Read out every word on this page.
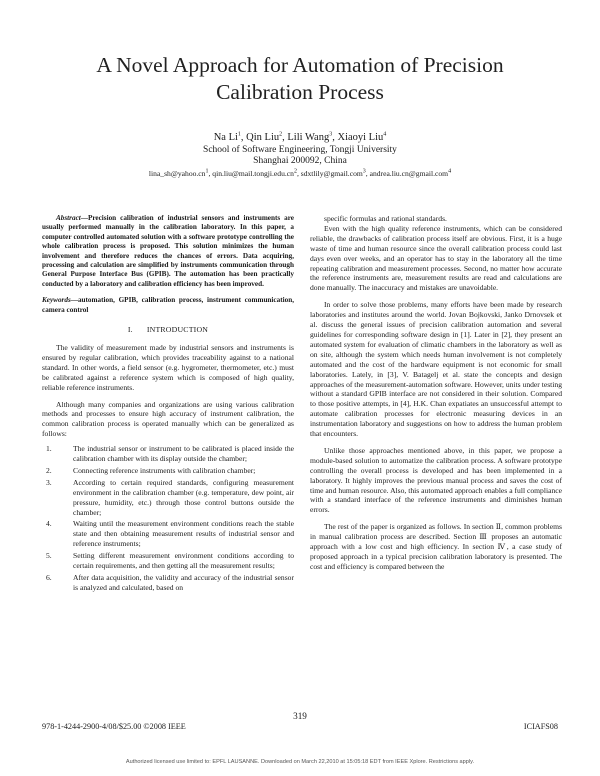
A Novel Approach for Automation of Precision
Calibration Process
Na Li$^1$, Qin Liu$^2$, Lili Wang$^3$, Xiaoyi Liu$^4$
School of Software Engineering, Tongji University
Shanghai 200092, China
$lina\_sh@yahoo.cn^1$, $qin.liu@mail.tongji.edu.cn^2$, sdxtlily@gmail.com$^3$, andrea.liu.cn@gmail.com$^4$

Abstract—Precision calibration of industrial sensors and instruments are usually performed manually in the calibration laboratory. In this paper, a computer controlled automated solution with a software prototype controlling the whole calibration process is proposed. This solution minimizes the human involvement and therefore reduces the chances of errors. Data acquiring, processing and calculation are simplified by instruments communication through General Purpose Interface Bus (GPIB). The automation has been practically conducted by a laboratory and calibration efficiency has been improved.

Keywords—automation, GPIB, calibration process, instrument communication, camera control

I. INTRODUCTION

The validity of measurement made by industrial sensors and instruments is ensured by regular calibration, which provides traceability against to a national standard. In other words, a field sensor (e.g. hygrometer, thermometer, etc.) must be calibrated against a reference system which is composed of high quality, reliable reference instruments.

Although many companies and organizations are using various calibration methods and processes to ensure high accuracy of instrument calibration, the common calibration process is operated manually which can be generalized as follows:

1.	The industrial sensor or instrument to be calibrated is placed inside the calibration chamber with its display outside the chamber;
2.	Connecting reference instruments with calibration chamber;
3.	According to certain required standards, configuring measurement environment in the calibration chamber (e.g. temperature, dew point, air pressure, humidity, etc.) through those control buttons outside the chamber;
4.	Waiting until the measurement environment conditions reach the stable state and then obtaining measurement results of industrial sensor and reference instruments;
5.	Setting different measurement environment conditions according to certain requirements, and then getting all the measurement results;
6.	After data acquisition, the validity and accuracy of the industrial sensor is analyzed and calculated, based on

specific formulas and rational standards.

Even with the high quality reference instruments, which can be considered reliable, the drawbacks of calibration process itself are obvious. First, it is a huge waste of time and human resource since the overall calibration process could last days even over weeks, and an operator has to stay in the laboratory all the time repeating calibration and measurement processes. Second, no matter how accurate the reference instruments are, measurement results are read and calculations are done manually. The inaccuracy and mistakes are unavoidable.

In order to solve those problems, many efforts have been made by research laboratories and institutes around the world. Jovan Bojkovski, Janko Drnovsek et al. discuss the general issues of precision calibration automation and several guidelines for corresponding software design in [1]. Later in [2], they present an automated system for evaluation of climatic chambers in the laboratory as well as on site, although the system which needs human involvement is not completely automated and the cost of the hardware equipment is not economic for small laboratories. Lately, in [3], V. Batagelj et al. state the concepts and design approaches of the measurement-automation software. However, units under testing without a standard GPIB interface are not considered in their solution. Compared to those positive attempts, in [4], H.K. Chan expatiates an unsuccessful attempt to automate calibration processes for electronic measuring devices in an instrumentation laboratory and suggestions on how to address the human problem that encounters.

Unlike those approaches mentioned above, in this paper, we propose a module-based solution to automatize the calibration process. A software prototype controlling the overall process is developed and has been implemented in a laboratory. It highly improves the previous manual process and saves the cost of time and human resource. Also, this automated approach enables a full compliance with a standard interface of the reference instruments and diminishes human errors.

The rest of the paper is organized as follows. In section Ⅱ, common problems in manual calibration process are described. Section Ⅲ proposes an automatic approach with a low cost and high efficiency. In section Ⅳ, a case study of proposed approach in a typical precision calibration laboratory is presented. The cost and efficiency is compared between the

978-1-4244-2900-4/08/$25.00 ©2008 IEEE
319
ICIAFS08
Authorized licensed use limited to: EPFL LAUSANNE. Downloaded on March 22,2010 at 15:05:18 EDT from IEEE Xplore. Restrictions apply.
